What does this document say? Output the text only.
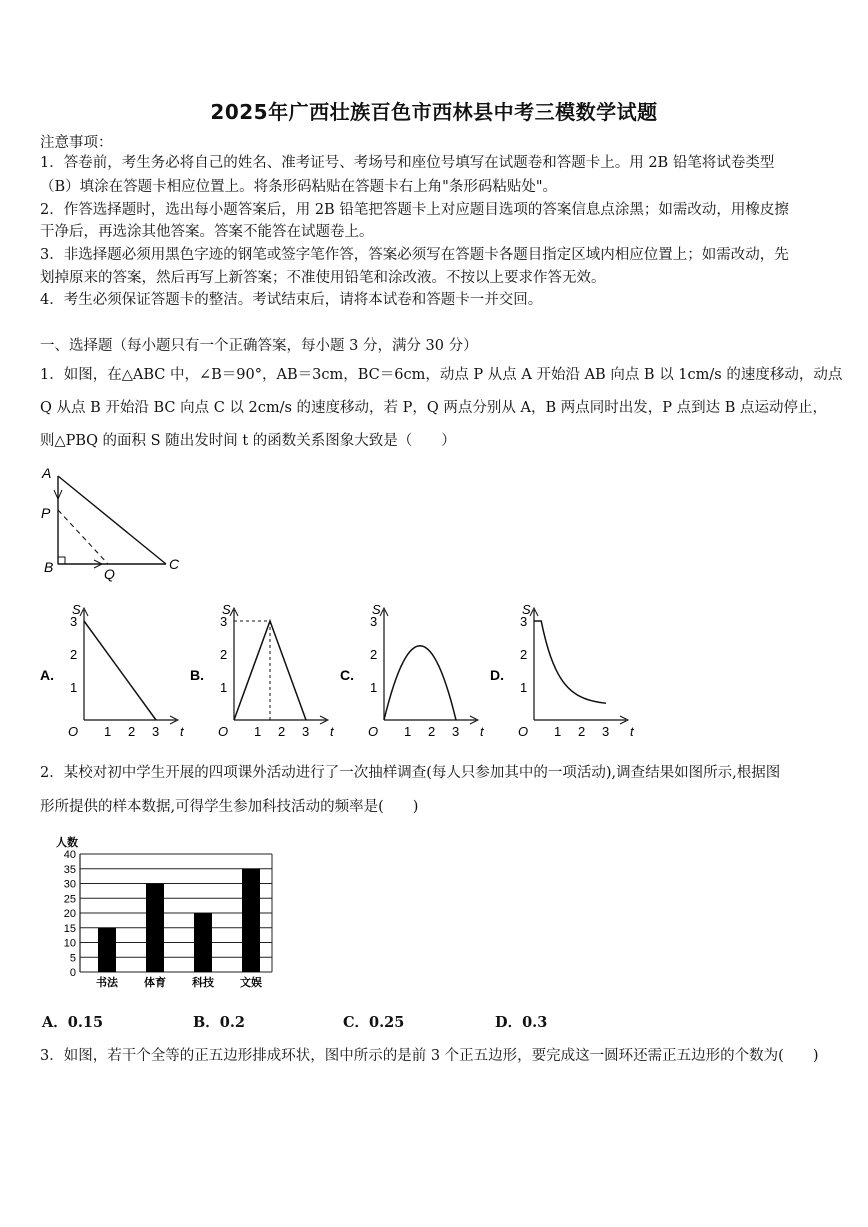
2025年广西壮族百色市西林县中考三模数学试题
注意事项：
1．答卷前，考生务必将自己的姓名、准考证号、考场号和座位号填写在试题卷和答题卡上。用 2B 铅笔将试卷类型
（B）填涂在答题卡相应位置上。将条形码粘贴在答题卡右上角"条形码粘贴处"。
2．作答选择题时，选出每小题答案后，用 2B 铅笔把答题卡上对应题目选项的答案信息点涂黑；如需改动，用橡皮擦
干净后，再选涂其他答案。答案不能答在试题卷上。
3．非选择题必须用黑色字迹的钢笔或签字笔作答，答案必须写在答题卡各题目指定区域内相应位置上；如需改动，先
划掉原来的答案，然后再写上新答案；不准使用铅笔和涂改液。不按以上要求作答无效。
4．考生必须保证答题卡的整洁。考试结束后，请将本试卷和答题卡一并交回。
一、选择题（每小题只有一个正确答案，每小题 3 分，满分 30 分）
1．如图，在△ABC 中，∠B＝90°，AB＝3cm，BC＝6cm，动点 P 从点 A 开始沿 AB 向点 B 以 1cm/s 的速度移动，动点
Q 从点 B 开始沿 BC 向点 C 以 2cm/s 的速度移动，若 P，Q 两点分别从 A，B 两点同时出发，P 点到达 B 点运动停止，
则△PBQ 的面积 S 随出发时间 t 的函数关系图象大致是（　　）
A
P
B	Q
C
A.
S
t
O 1 2 3
1
2
3
B.
S
t
O 1 2 3
1
2
3
C.
S
t
O 1 2 3
1
2
3
D.
S
t
O 1 2 3
1
2
3
2．某校对初中学生开展的四项课外活动进行了一次抽样调查(每人只参加其中的一项活动),调查结果如图所示,根据图
形所提供的样本数据,可得学生参加科技活动的频率是(　　)
人数
0
5
10
15
20
25
30
35
40
书法 体育 科技 文娱
A．0.15	B．0.2	C．0.25	D．0.3
3．如图，若干个全等的正五边形排成环状，图中所示的是前 3 个正五边形，要完成这一圆环还需正五边形的个数为(　　)
